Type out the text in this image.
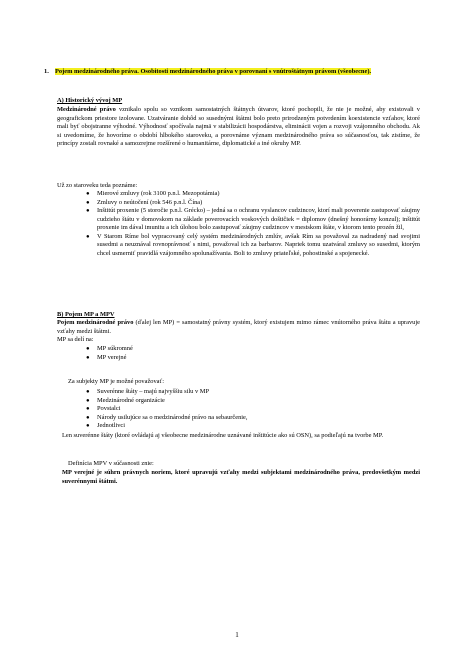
1. Pojem medzinárodného práva. Osobitosti medzinárodného práva v porovnaní s vnútroštátnym právom (všeobecne).
A) Historický vývoj MP
Medzinárodné právo vznikalo spolu so vznikom samostatných štátnych útvarov, ktoré pochopili, že nie je možné, aby existovali v geografickom priestore izolovane. Uzatváranie dohôd so susednými štátmi bolo preto prirodzeným potvrdením koexistencie vzťahov, ktoré mali byť obojstranne výhodné. Výhodnosť spočívala najmä v stabilizácii hospodárstva, eliminácii vojen a rozvoji vzájomného obchodu. Ak si uvedomíme, že hovoríme o období hlbokého staroveku, a porovnáme význam medzinárodného práva so súčasnosťou, tak zistíme, že princípy zostali rovnaké a samozrejme rozšírené o humanitárne, diplomatické a iné okruhy MP.
Už zo staroveku teda poznáme:
● Mierové zmluvy (rok 3100 p.n.l. Mezopotámia)
● Zmluvy o neútočení (rok 546 p.n.l. Čína)
● Inštitút proxenie (5 storočie p.n.l. Grécko) – jedná sa o ochranu vyslancov cudzincov, ktorí mali poverenie zastupovať záujmy cudzieho štátu v domovskom na základe poverovacích voskových doštičiek = diplomov (dnešný honorárny konzul); inštitút proxenie im dával imunitu a ich úlohou bolo zastupovať záujmy cudzincov v mestskom štáte, v ktorom tento prozén žil,
● V Starom Ríme bol vypracovaný celý systém medzinárodných zmlúv, avšak Rím sa považoval za nadradený nad svojimi susedmi a neuznával rovnoprávnosť s nimi, považoval ich za barbarov. Napriek tomu uzatváral zmluvy so susedmi, ktorým chcel usmerniť pravidlá vzájomného spolunažívania. Boli to zmluvy priateľské, pohostinské a spojenecké.
B) Pojem MP a MPV
Pojem medzinárodné právo (ďalej len MP) = samostatný právny systém, ktorý existujem mimo rámec vnútorného práva štátu a upravuje vzťahy medzi štátmi.
MP sa delí na:
● MP súkromné
● MP verejné
Za subjekty MP je možné považovať:
● Suverénne štáty – majú najvyššiu silu v MP
● Medzinárodné organizácie
● Povstalci
● Národy usilujúce sa o medzinárodné právo na sebaurčenie,
● Jednotlivci
Len suverénne štáty (ktoré ovládajú aj všeobecne medzinárodne uznávané inštitúcie ako sú OSN), sa podieľajú na tvorbe MP.
Definícia MPV v súčasnosti znie:
MP verejné je súhrn právnych noriem, ktoré upravujú vzťahy medzi subjektami medzinárodného práva, predovšetkým medzi suverénnymi štátmi.
1
